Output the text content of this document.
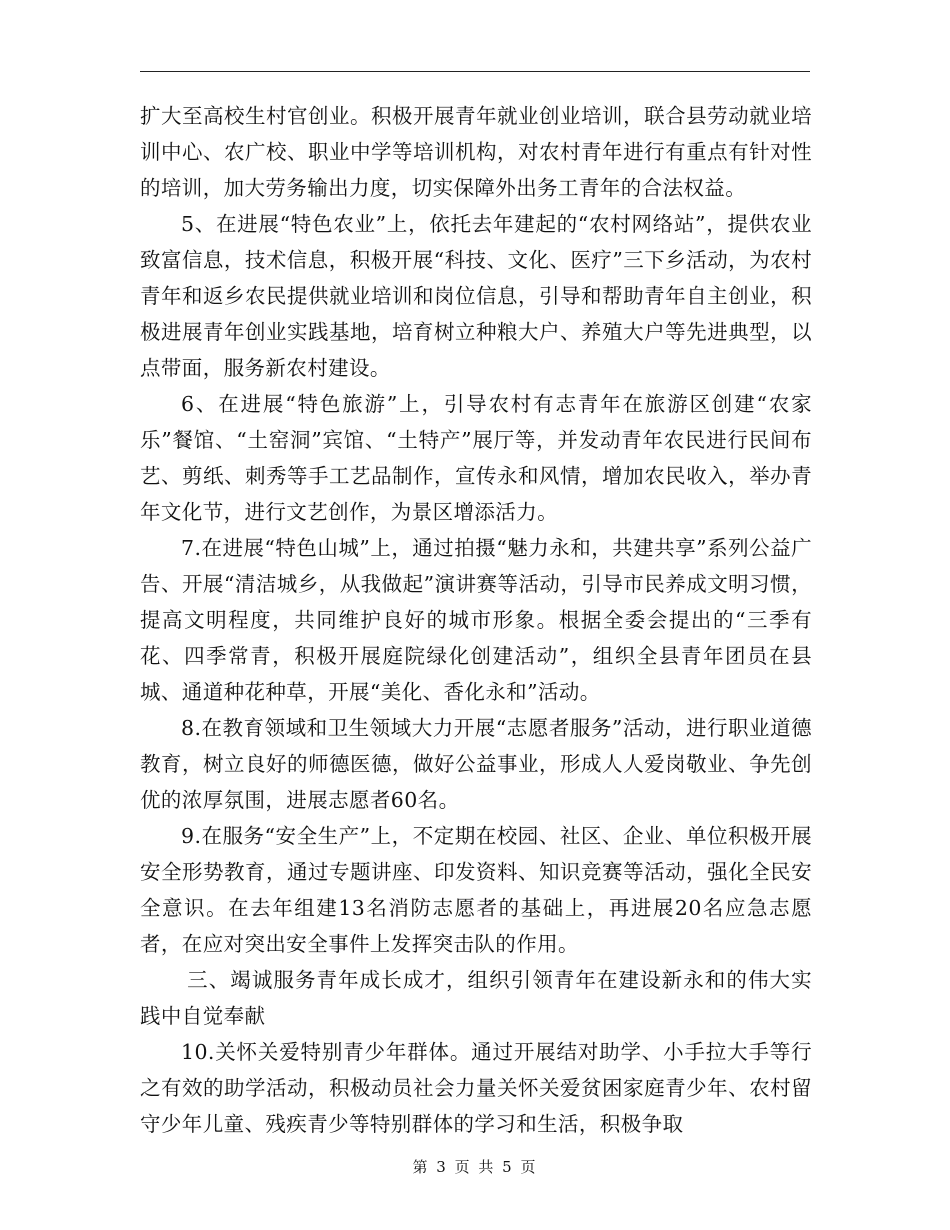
扩大至高校生村官创业。积极开展青年就业创业培训，联合县劳动就业培训中心、农广校、职业中学等培训机构，对农村青年进行有重点有针对性的培训，加大劳务输出力度，切实保障外出务工青年的合法权益。

5、在进展“特色农业”上，依托去年建起的“农村网络站”，提供农业致富信息，技术信息，积极开展“科技、文化、医疗”三下乡活动，为农村青年和返乡农民提供就业培训和岗位信息，引导和帮助青年自主创业，积极进展青年创业实践基地，培育树立种粮大户、养殖大户等先进典型，以点带面，服务新农村建设。

6、在进展“特色旅游”上，引导农村有志青年在旅游区创建“农家乐”餐馆、“土窑洞”宾馆、“土特产”展厅等，并发动青年农民进行民间布艺、剪纸、刺秀等手工艺品制作，宣传永和风情，增加农民收入，举办青年文化节，进行文艺创作，为景区增添活力。

7.在进展“特色山城”上，通过拍摄“魅力永和，共建共享”系列公益广告、开展“清洁城乡，从我做起”演讲赛等活动，引导市民养成文明习惯，提高文明程度，共同维护良好的城市形象。根据全委会提出的“三季有花、四季常青，积极开展庭院绿化创建活动”，组织全县青年团员在县城、通道种花种草，开展“美化、香化永和”活动。

8.在教育领域和卫生领域大力开展“志愿者服务”活动，进行职业道德教育，树立良好的师德医德，做好公益事业，形成人人爱岗敬业、争先创优的浓厚氛围，进展志愿者60名。

9.在服务“安全生产”上，不定期在校园、社区、企业、单位积极开展安全形势教育，通过专题讲座、印发资料、知识竞赛等活动，强化全民安全意识。在去年组建13名消防志愿者的基础上，再进展20名应急志愿者，在应对突出安全事件上发挥突击队的作用。

三、竭诚服务青年成长成才，组织引领青年在建设新永和的伟大实践中自觉奉献

10.关怀关爱特别青少年群体。通过开展结对助学、小手拉大手等行之有效的助学活动，积极动员社会力量关怀关爱贫困家庭青少年、农村留守少年儿童、残疾青少等特别群体的学习和生活，积极争取

第 3 页 共 5 页
